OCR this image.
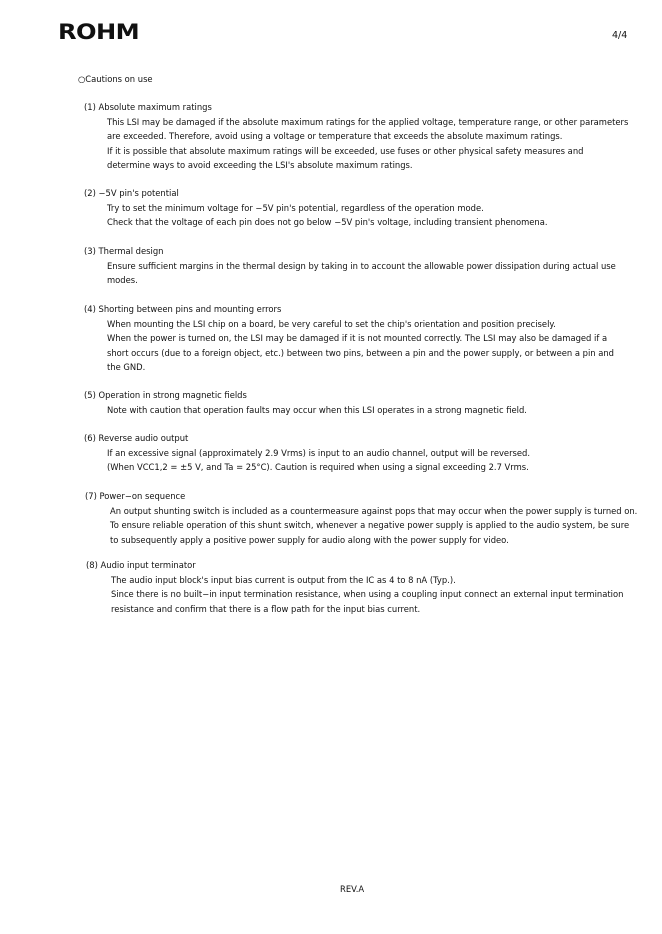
ROHM	4/4
○Cautions on use
(1) Absolute maximum ratings
This LSI may be damaged if the absolute maximum ratings for the applied voltage, temperature range, or other parameters
are exceeded. Therefore, avoid using a voltage or temperature that exceeds the absolute maximum ratings.
If it is possible that absolute maximum ratings will be exceeded, use fuses or other physical safety measures and
determine ways to avoid exceeding the LSI's absolute maximum ratings.
(2) −5V pin's potential
Try to set the minimum voltage for −5V pin's potential, regardless of the operation mode.
Check that the voltage of each pin does not go below −5V pin's voltage, including transient phenomena.
(3) Thermal design
Ensure sufficient margins in the thermal design by taking in to account the allowable power dissipation during actual use
modes.
(4) Shorting between pins and mounting errors
When mounting the LSI chip on a board, be very careful to set the chip's orientation and position precisely.
When the power is turned on, the LSI may be damaged if it is not mounted correctly. The LSI may also be damaged if a
short occurs (due to a foreign object, etc.) between two pins, between a pin and the power supply, or between a pin and
the GND.
(5) Operation in strong magnetic fields
Note with caution that operation faults may occur when this LSI operates in a strong magnetic field.
(6) Reverse audio output
If an excessive signal (approximately 2.9 Vrms) is input to an audio channel, output will be reversed.
(When VCC1,2 = ±5 V, and Ta = 25°C). Caution is required when using a signal exceeding 2.7 Vrms.
(7) Power−on sequence
An output shunting switch is included as a countermeasure against pops that may occur when the power supply is turned on.
To ensure reliable operation of this shunt switch, whenever a negative power supply is applied to the audio system, be sure
to subsequently apply a positive power supply for audio along with the power supply for video.
(8) Audio input terminator
The audio input block's input bias current is output from the IC as 4 to 8 nA (Typ.).
Since there is no built−in input termination resistance, when using a coupling input connect an external input termination
resistance and confirm that there is a flow path for the input bias current.
REV.A
